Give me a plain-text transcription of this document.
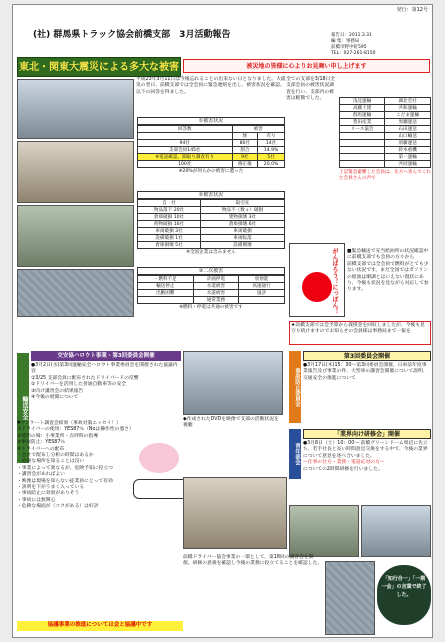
発行：第12号
(社) 群馬県トラック協会前橋支部　3月活動報告	報告日：2011.3.31
編 集：事務局
前橋市野中町595
TEL：027-261-8150
東北・関東大震災による多大な被害	被災地の皆様に心よりお見舞い申し上げます
平成23年3月11日は今後忘れることの出来ない日となりました。大震災の翌日、前橋支部では全会員に緊急連絡を出し、被害状況を確認。以下の回答を得ました。
全ての支部を3/18日全支部会員の被害状況調査を行い、支部内の被害は軽微でした。
①被害状況
回答数	被害	
	無	有り
94社	80社	14社
支部会員145社	割合	14.9%
※電話確認、聞取り調査有り	9社	5社
100社	修正後	20.0%
※20%が何らかの被害に遭った
②被害状況
自　社	取引先
物品落下 20社	物品不（数ヵ）破損
倉庫破損 10社	建物損壊 3社
荷物破損 16社	倉庫損壊 6社
車両破損 3社	車両破損
設備破損 1社	車両転落
倉庫損壊 5社	設備倒壊
※全国企業は含みません
③二次被害
・燃料不足	計画停電	放射能
輸送停止	水道被害	高速通行
出勤困難	水道被害	風評
	通常業務	
※燃料・停電は共通の被害です
浅見運輸	湖北会社
高藤土建	共和運輸
群馬運輸	こだま運輸
豊田産業	黒瀬運送
リース協会	石田運送
	山口輸送
	須藤運送
	鈴木重機
	第一運輸
	共同運輸
上記緊急避難した会員は、先方へ喜んでくれた会員さんの声で
がんばろう！にっぽん！ ■緊急輸送で充当給油所の状況確認中に前橋支部でも会員の方々から
前橋支部では全会員で燃料がとても少ない状況です。まだ全国ではガソリンの給油は順調とはいえない現状にあり、今後も状況を見ながら対応して参ります。
★前橋支部では会予算から義援金を回収しましたが、今後も見守り続けますのでお知らせの会員様は事務局まで一報を
輸送安全
交安協ハロウト事業・第3回委員会開催
●3月2日(水)第3回運輸安全ハロウト事業委員会を開催された協議内容
①3/25 支部会員に配布されたドリイバードの反響
②ドリイバーを活用した普通自動車等の安全
③向け講習会の結果報告
④今後の展開について
◆作成されたDVDを映像で支部の活動状況を視聴
▼アンケート調査会結果（事故対策エッセイ！）
①ドライバーの使用：YES87％（Noは操作性の悪さ）
②使用の場：小事業所・点呼時の指導
③事故防止：YES87％
④ドライバーへの配布
・会社で配布し分析の時間はあるか
・危険な場所を知ることは良い
・事業によって異なるが、危険予知に役立つ
・講習会があればよい
・映像は現場を知らない従業員にとって有効
・説明を下がうまく入っている
・事故防止に効果がありそう
・事故には無関心
・危険な場面が（コクがある）は好評
協議事業の推進については会と協議中です
事故防止委員会
第3回委員会開催
●3月17日(木)15：30～第3回委員会開催、日車前年度事業報告及び事業の件、大型車の講習会開催について説明、交通安全の推進について
青年部会
「業界向け研修会」開催
●3月8日（土）10：00～ 前橋グリーンドーム周辺に先立ち、若手社長と長い時間意見交換をする中で、今後の業界について意見を述べ合いました。
～仕事の仕方・業務・電話応対の方～
についての2時間研修を行いました。
前橋ドライバー協会事業の一環として、第18回の講習会を開催。研修の意義を確認し今後の業務に役立てることを確認した。
「知行合一」「一期一会」の言葉で終了した。
